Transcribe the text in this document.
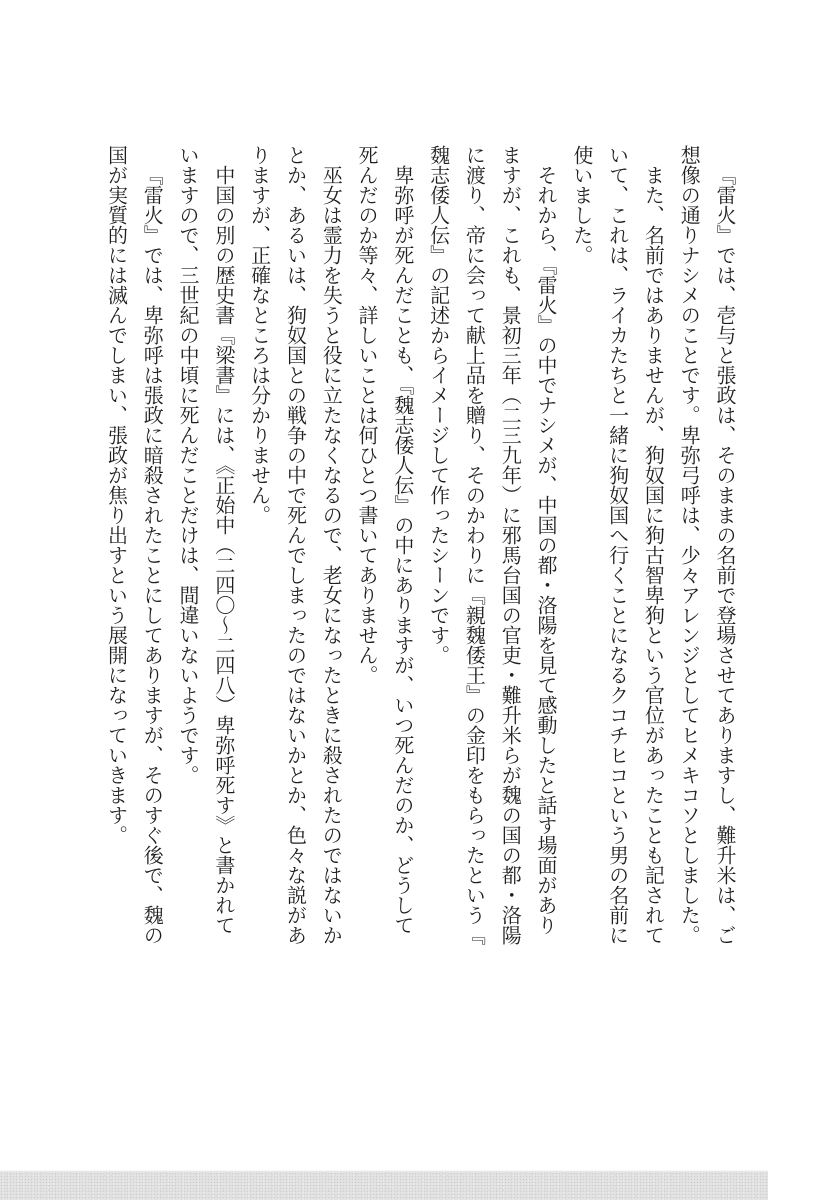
『雷火』では、壱与と張政は、そのままの名前で登場させてありますし、難升米は、ご
想像の通りナシメのことです。卑弥弓呼は、少々アレンジとしてヒメキコソとしました。
また、名前ではありませんが、狗奴国に狗古智卑狗という官位があったことも記されて
いて、これは、ライカたちと一緒に狗奴国へ行くことになるクコチヒコという男の名前に
使いました。
それから、『雷火』の中でナシメが、中国の都・洛陽を見て感動したと話す場面があり
ますが、これも、景初三年（二三九年）に邪馬台国の官吏・難升米らが魏の国の都・洛陽
に渡り、帝に会って献上品を贈り、そのかわりに『親魏倭王』の金印をもらったという『
魏志倭人伝』の記述からイメージして作ったシーンです。
卑弥呼が死んだことも、『魏志倭人伝』の中にありますが、いつ死んだのか、どうして
死んだのか等々、詳しいことは何ひとつ書いてありません。
巫女は霊力を失うと役に立たなくなるので、老女になったときに殺されたのではないか
とか、あるいは、狗奴国との戦争の中で死んでしまったのではないかとか、色々な説があ
りますが、正確なところは分かりません。
中国の別の歴史書『梁書』には、《正始中（二四〇〜二四八）卑弥呼死す》と書かれて
いますので、三世紀の中頃に死んだことだけは、間違いないようです。
『雷火』では、卑弥呼は張政に暗殺されたことにしてありますが、そのすぐ後で、魏の
国が実質的には滅んでしまい、張政が焦り出すという展開になっていきます。
